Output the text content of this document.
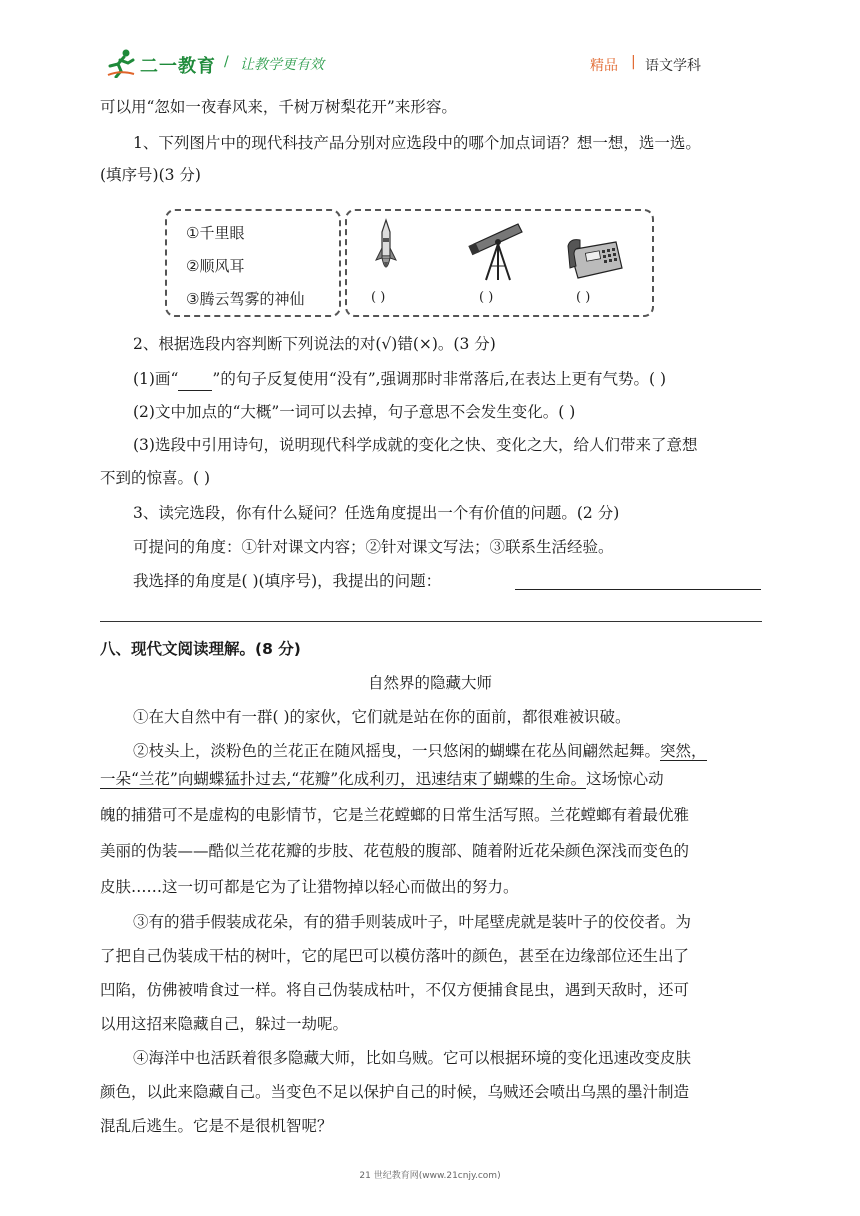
二一教育 / 让教学更有效	精品 | 语文学科
可以用“忽如一夜春风来，千树万树梨花开”来形容。
1、下列图片中的现代科技产品分别对应选段中的哪个加点词语？想一想，选一选。
(填序号)(3 分)
①千里眼
②顺风耳
③腾云驾雾的神仙	( )	( )	( )
2、根据选段内容判断下列说法的对(√)错(×)。(3 分)
(1)画“ ”的句子反复使用“没有”,强调那时非常落后,在表达上更有气势。( )
(2)文中加点的“大概”一词可以去掉，句子意思不会发生变化。( )
(3)选段中引用诗句，说明现代科学成就的变化之快、变化之大，给人们带来了意想
不到的惊喜。( )
3、读完选段，你有什么疑问？任选角度提出一个有价值的问题。(2 分)
可提问的角度：①针对课文内容；②针对课文写法；③联系生活经验。
我选择的角度是( )(填序号)，我提出的问题：
八、现代文阅读理解。(8 分)
自然界的隐藏大师
①在大自然中有一群( )的家伙，它们就是站在你的面前，都很难被识破。
②枝头上，淡粉色的兰花正在随风摇曳，一只悠闲的蝴蝶在花丛间翩然起舞。突然，
一朵“兰花”向蝴蝶猛扑过去,“花瓣”化成利刃，迅速结束了蝴蝶的生命。这场惊心动
魄的捕猎可不是虚构的电影情节，它是兰花螳螂的日常生活写照。兰花螳螂有着最优雅
美丽的伪装——酷似兰花花瓣的步肢、花苞般的腹部、随着附近花朵颜色深浅而变色的
皮肤……这一切可都是它为了让猎物掉以轻心而做出的努力。
③有的猎手假装成花朵，有的猎手则装成叶子，叶尾壁虎就是装叶子的佼佼者。为
了把自己伪装成干枯的树叶，它的尾巴可以模仿落叶的颜色，甚至在边缘部位还生出了
凹陷，仿佛被啃食过一样。将自己伪装成枯叶，不仅方便捕食昆虫，遇到天敌时，还可
以用这招来隐藏自己，躲过一劫呢。
④海洋中也活跃着很多隐藏大师，比如乌贼。它可以根据环境的变化迅速改变皮肤
颜色，以此来隐藏自己。当变色不足以保护自己的时候，乌贼还会喷出乌黑的墨汁制造
混乱后逃生。它是不是很机智呢？
21 世纪教育网(www.21cnjy.com)
